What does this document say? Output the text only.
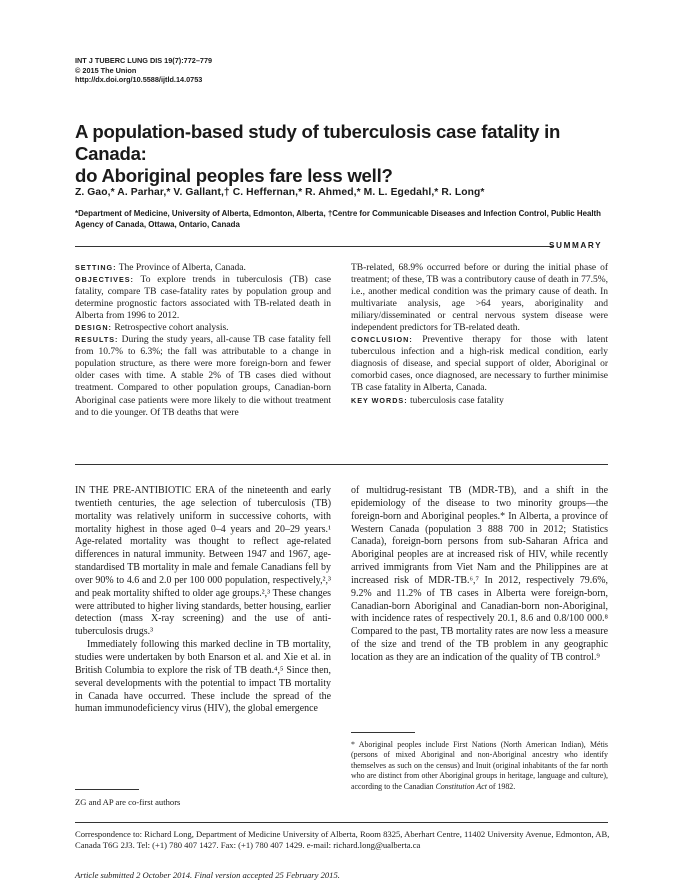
INT J TUBERC LUNG DIS 19(7):772–779
© 2015 The Union
http://dx.doi.org/10.5588/ijtld.14.0753
A population-based study of tuberculosis case fatality in Canada:
do Aboriginal peoples fare less well?
Z. Gao,* A. Parhar,* V. Gallant,† C. Heffernan,* R. Ahmed,* M. L. Egedahl,* R. Long*
*Department of Medicine, University of Alberta, Edmonton, Alberta, †Centre for Communicable Diseases and Infection Control, Public Health Agency of Canada, Ottawa, Ontario, Canada
SUMMARY

SETTING: The Province of Alberta, Canada.

OBJECTIVES: To explore trends in tuberculosis (TB) case fatality, compare TB case-fatality rates by population group and determine prognostic factors associated with TB-related death in Alberta from 1996 to 2012.

DESIGN: Retrospective cohort analysis.

RESULTS: During the study years, all-cause TB case fatality fell from 10.7% to 6.3%; the fall was attributable to a change in population structure, as there were more foreign-born and fewer older cases with time. A stable 2% of TB cases died without treatment. Compared to other population groups, Canadian-born Aboriginal case patients were more likely to die without treatment and to die younger. Of TB deaths that were

TB-related, 68.9% occurred before or during the initial phase of treatment; of these, TB was a contributory cause of death in 77.5%, i.e., another medical condition was the primary cause of death. In multivariate analysis, age >64 years, aboriginality and miliary/disseminated or central nervous system disease were independent predictors for TB-related death.

CONCLUSION: Preventive therapy for those with latent tuberculous infection and a high-risk medical condition, early diagnosis of disease, and special support of older, Aboriginal or comorbid cases, once diagnosed, are necessary to further minimise TB case fatality in Alberta, Canada.

KEY WORDS: tuberculosis case fatality

IN THE PRE-ANTIBIOTIC ERA of the nineteenth and early twentieth centuries, the age selection of tuberculosis (TB) mortality was relatively uniform in successive cohorts, with mortality highest in those aged 0–4 years and 20–29 years.¹ Age-related mortality was thought to reflect age-related differences in natural immunity. Between 1947 and 1967, age-standardised TB mortality in male and female Canadians fell by over 90% to 4.6 and 2.0 per 100 000 population, respectively,²,³ and peak mortality shifted to older age groups.²,³ These changes were attributed to higher living standards, better housing, earlier detection (mass X-ray screening) and the use of anti-tuberculosis drugs.³

Immediately following this marked decline in TB mortality, studies were undertaken by both Enarson et al. and Xie et al. in British Columbia to explore the risk of TB death.⁴,⁵ Since then, several developments with the potential to impact TB mortality in Canada have occurred. These include the spread of the human immunodeficiency virus (HIV), the global emergence

of multidrug-resistant TB (MDR-TB), and a shift in the epidemiology of the disease to two minority groups—the foreign-born and Aboriginal peoples.* In Alberta, a province of Western Canada (population 3 888 700 in 2012; Statistics Canada), foreign-born persons from sub-Saharan Africa and Aboriginal peoples are at increased risk of HIV, while recently arrived immigrants from Viet Nam and the Philippines are at increased risk of MDR-TB.⁶,⁷ In 2012, respectively 79.6%, 9.2% and 11.2% of TB cases in Alberta were foreign-born, Canadian-born Aboriginal and Canadian-born non-Aboriginal, with incidence rates of respectively 20.1, 8.6 and 0.8/100 000.⁸ Compared to the past, TB mortality rates are now less a measure of the size and trend of the TB problem in any geographic location as they are an indication of the quality of TB control.⁹

* Aboriginal peoples include First Nations (North American Indian), Métis (persons of mixed Aboriginal and non-Aboriginal ancestry who identify themselves as such on the census) and Inuit (original inhabitants of the far north who are distinct from other Aboriginal groups in heritage, language and culture), according to the Canadian Constitution Act of 1982.
ZG and AP are co-first authors
Correspondence to: Richard Long, Department of Medicine University of Alberta, Room 8325, Aberhart Centre, 11402 University Avenue, Edmonton, AB, Canada T6G 2J3. Tel: (+1) 780 407 1427. Fax: (+1) 780 407 1429. e-mail: richard.long@ualberta.ca
Article submitted 2 October 2014. Final version accepted 25 February 2015.
